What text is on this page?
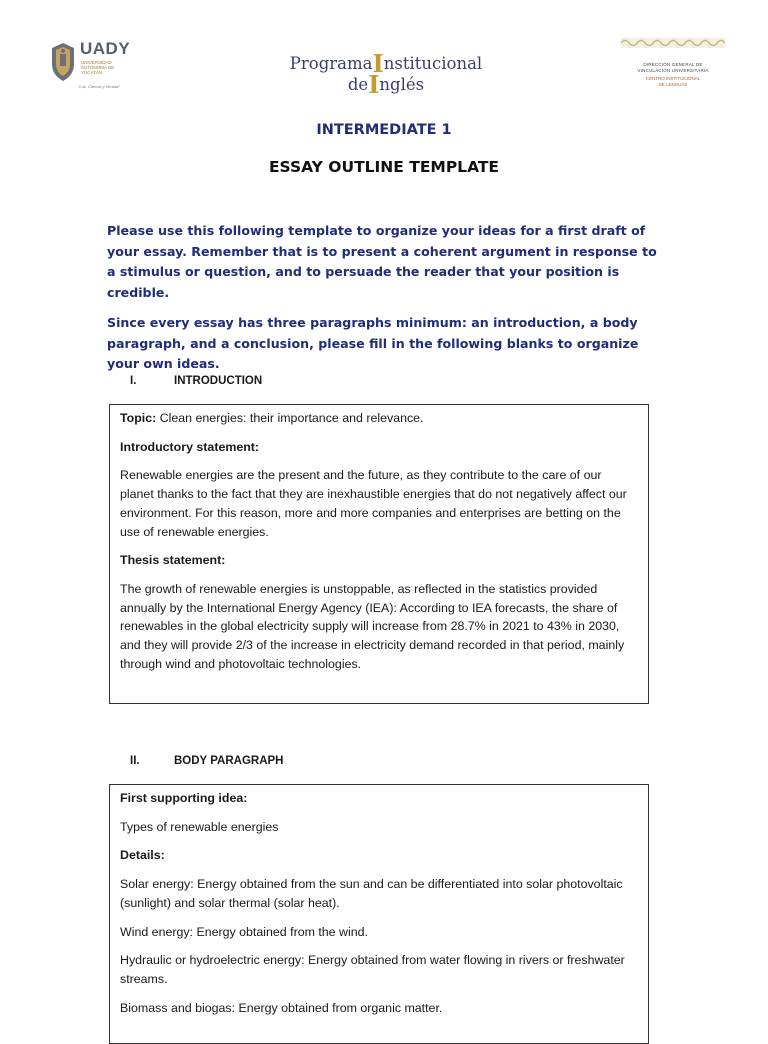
UADY
UNIVERSIDAD AUTÓNOMA DE YUCATÁN
"Luz, Ciencia y Verdad"
ProgramaInstitucional
deInglés
DIRECCIÓN GENERAL DE
VINCULACIÓN UNIVERSITARIA
CENTRO INSTITUCIONAL
DE LENGUAS
INTERMEDIATE 1
ESSAY OUTLINE TEMPLATE

Please use this following template to organize your ideas for a first draft of your essay. Remember that is to present a coherent argument in response to a stimulus or question, and to persuade the reader that your position is credible.

Since every essay has three paragraphs minimum: an introduction, a body paragraph, and a conclusion, please fill in the following blanks to organize your own ideas.

I.	INTRODUCTION

Topic: Clean energies: their importance and relevance.

Introductory statement:

Renewable energies are the present and the future, as they contribute to the care of our planet thanks to the fact that they are inexhaustible energies that do not negatively affect our environment. For this reason, more and more companies and enterprises are betting on the use of renewable energies.

Thesis statement:

The growth of renewable energies is unstoppable, as reflected in the statistics provided annually by the International Energy Agency (IEA): According to IEA forecasts, the share of renewables in the global electricity supply will increase from 28.7% in 2021 to 43% in 2030, and they will provide 2/3 of the increase in electricity demand recorded in that period, mainly through wind and photovoltaic technologies.

II.	BODY PARAGRAPH

First supporting idea:

Types of renewable energies

Details:

Solar energy: Energy obtained from the sun and can be differentiated into solar photovoltaic (sunlight) and solar thermal (solar heat).

Wind energy: Energy obtained from the wind.

Hydraulic or hydroelectric energy: Energy obtained from water flowing in rivers or freshwater streams.

Biomass and biogas: Energy obtained from organic matter.
